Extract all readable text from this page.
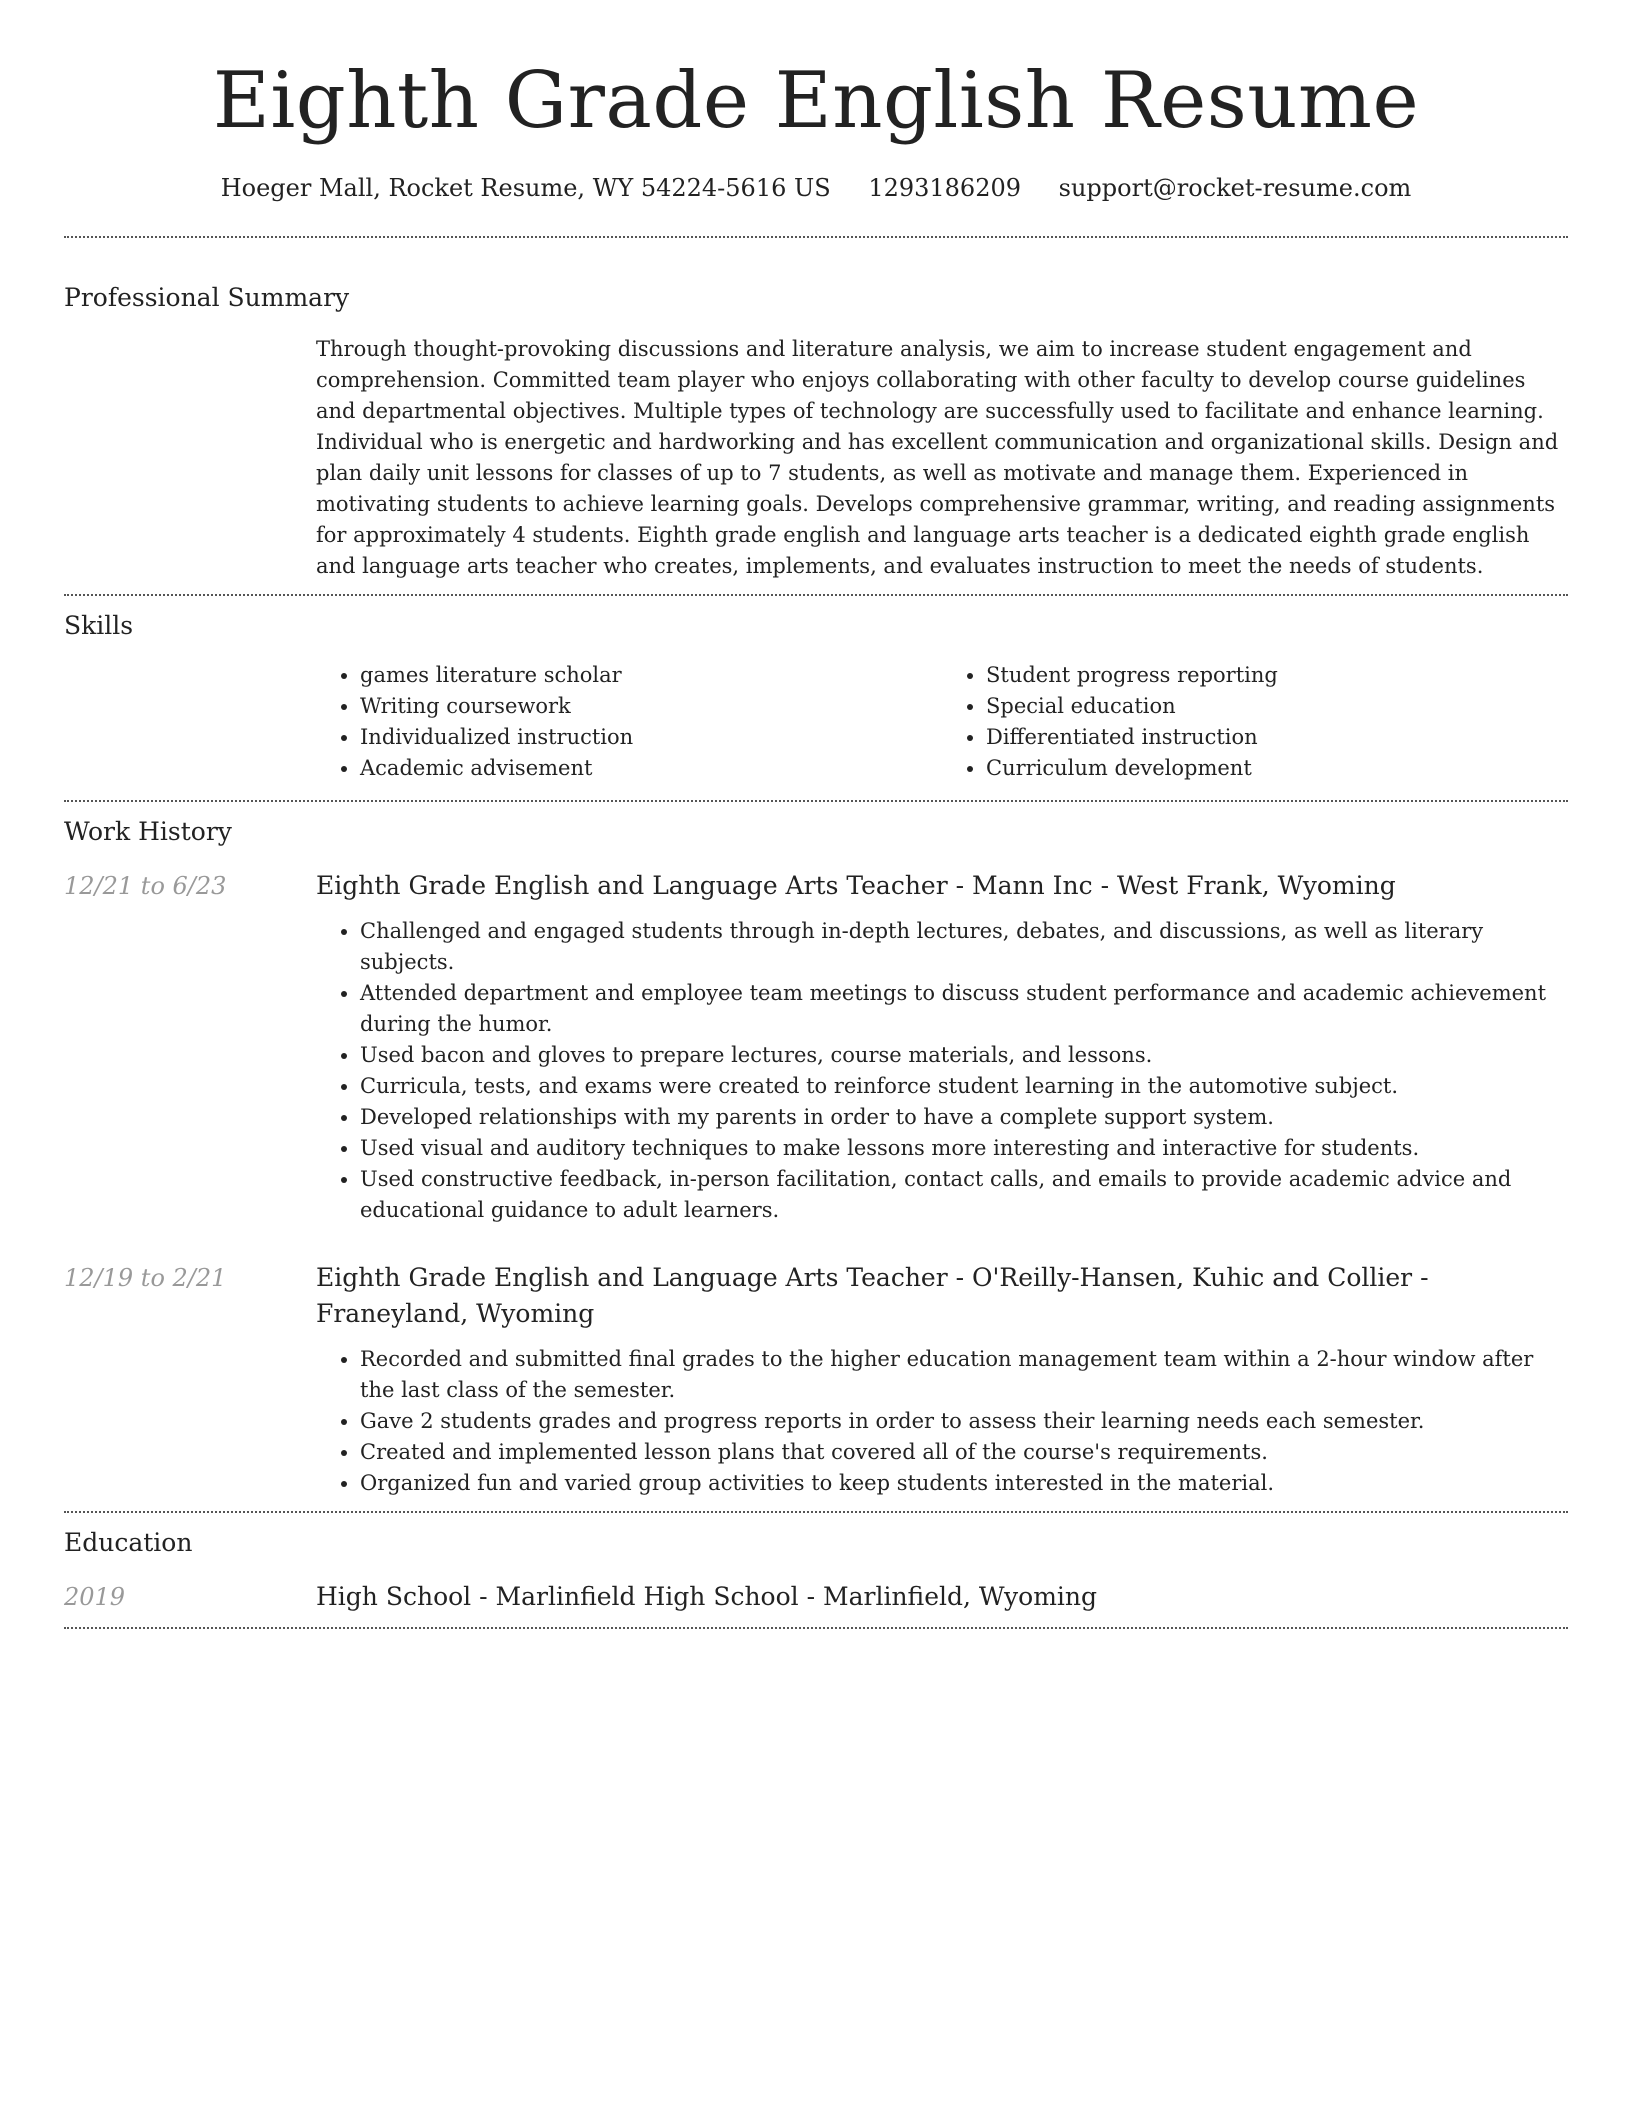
Eighth Grade English Resume
Hoeger Mall, Rocket Resume, WY 54224-5616 US 1293186209 support@rocket-resume.com
Professional Summary

Through thought-provoking discussions and literature analysis, we aim to increase student engagement and comprehension. Committed team player who enjoys collaborating with other faculty to develop course guidelines and departmental objectives. Multiple types of technology are successfully used to facilitate and enhance learning. Individual who is energetic and hardworking and has excellent communication and organizational skills. Design and plan daily unit lessons for classes of up to 7 students, as well as motivate and manage them. Experienced in motivating students to achieve learning goals. Develops comprehensive grammar, writing, and reading assignments for approximately 4 students. Eighth grade english and language arts teacher is a dedicated eighth grade english and language arts teacher who creates, implements, and evaluates instruction to meet the needs of students.

Skills
• games literature scholar
• Writing coursework
• Individualized instruction
• Academic advisement
• Student progress reporting
• Special education
• Differentiated instruction
• Curriculum development
Work History
12/21 to 6/23	Eighth Grade English and Language Arts Teacher - Mann Inc - West Frank, Wyoming
• Challenged and engaged students through in-depth lectures, debates, and discussions, as well as literary subjects.
• Attended department and employee team meetings to discuss student performance and academic achievement during the humor.
• Used bacon and gloves to prepare lectures, course materials, and lessons.
• Curricula, tests, and exams were created to reinforce student learning in the automotive subject.
• Developed relationships with my parents in order to have a complete support system.
• Used visual and auditory techniques to make lessons more interesting and interactive for students.
• Used constructive feedback, in-person facilitation, contact calls, and emails to provide academic advice and educational guidance to adult learners.
12/19 to 2/21	Eighth Grade English and Language Arts Teacher - O'Reilly-Hansen, Kuhic and Collier - Franeyland, Wyoming
• Recorded and submitted final grades to the higher education management team within a 2-hour window after the last class of the semester.
• Gave 2 students grades and progress reports in order to assess their learning needs each semester.
• Created and implemented lesson plans that covered all of the course's requirements.
• Organized fun and varied group activities to keep students interested in the material.
Education
2019	High School - Marlinfield High School - Marlinfield, Wyoming
